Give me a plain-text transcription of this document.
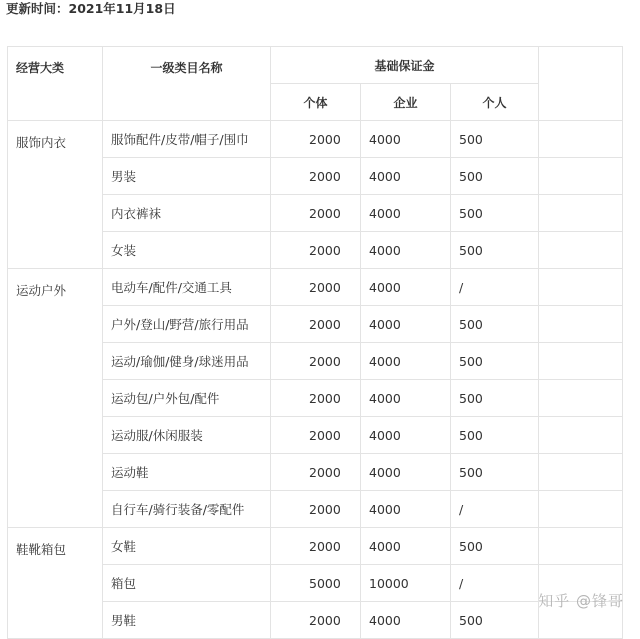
更新时间：2021年11月18日
经营大类	一级类目名称	基础保证金			
		个体	企业	个人	
服饰内衣	服饰配件/皮带/帽子/围巾	2000	4000	500	
	男装	2000	4000	500	
	内衣裤袜	2000	4000	500	
	女装	2000	4000	500	
运动户外	电动车/配件/交通工具	2000	4000	/	
	户外/登山/野营/旅行用品	2000	4000	500	
	运动/瑜伽/健身/球迷用品	2000	4000	500	
	运动包/户外包/配件	2000	4000	500	
	运动服/休闲服装	2000	4000	500	
	运动鞋	2000	4000	500	
	自行车/骑行装备/零配件	2000	4000	/	
鞋靴箱包	女鞋	2000	4000	500	
	箱包	5000	10000	/	
	男鞋	2000	4000	500	
知乎 @锋哥
